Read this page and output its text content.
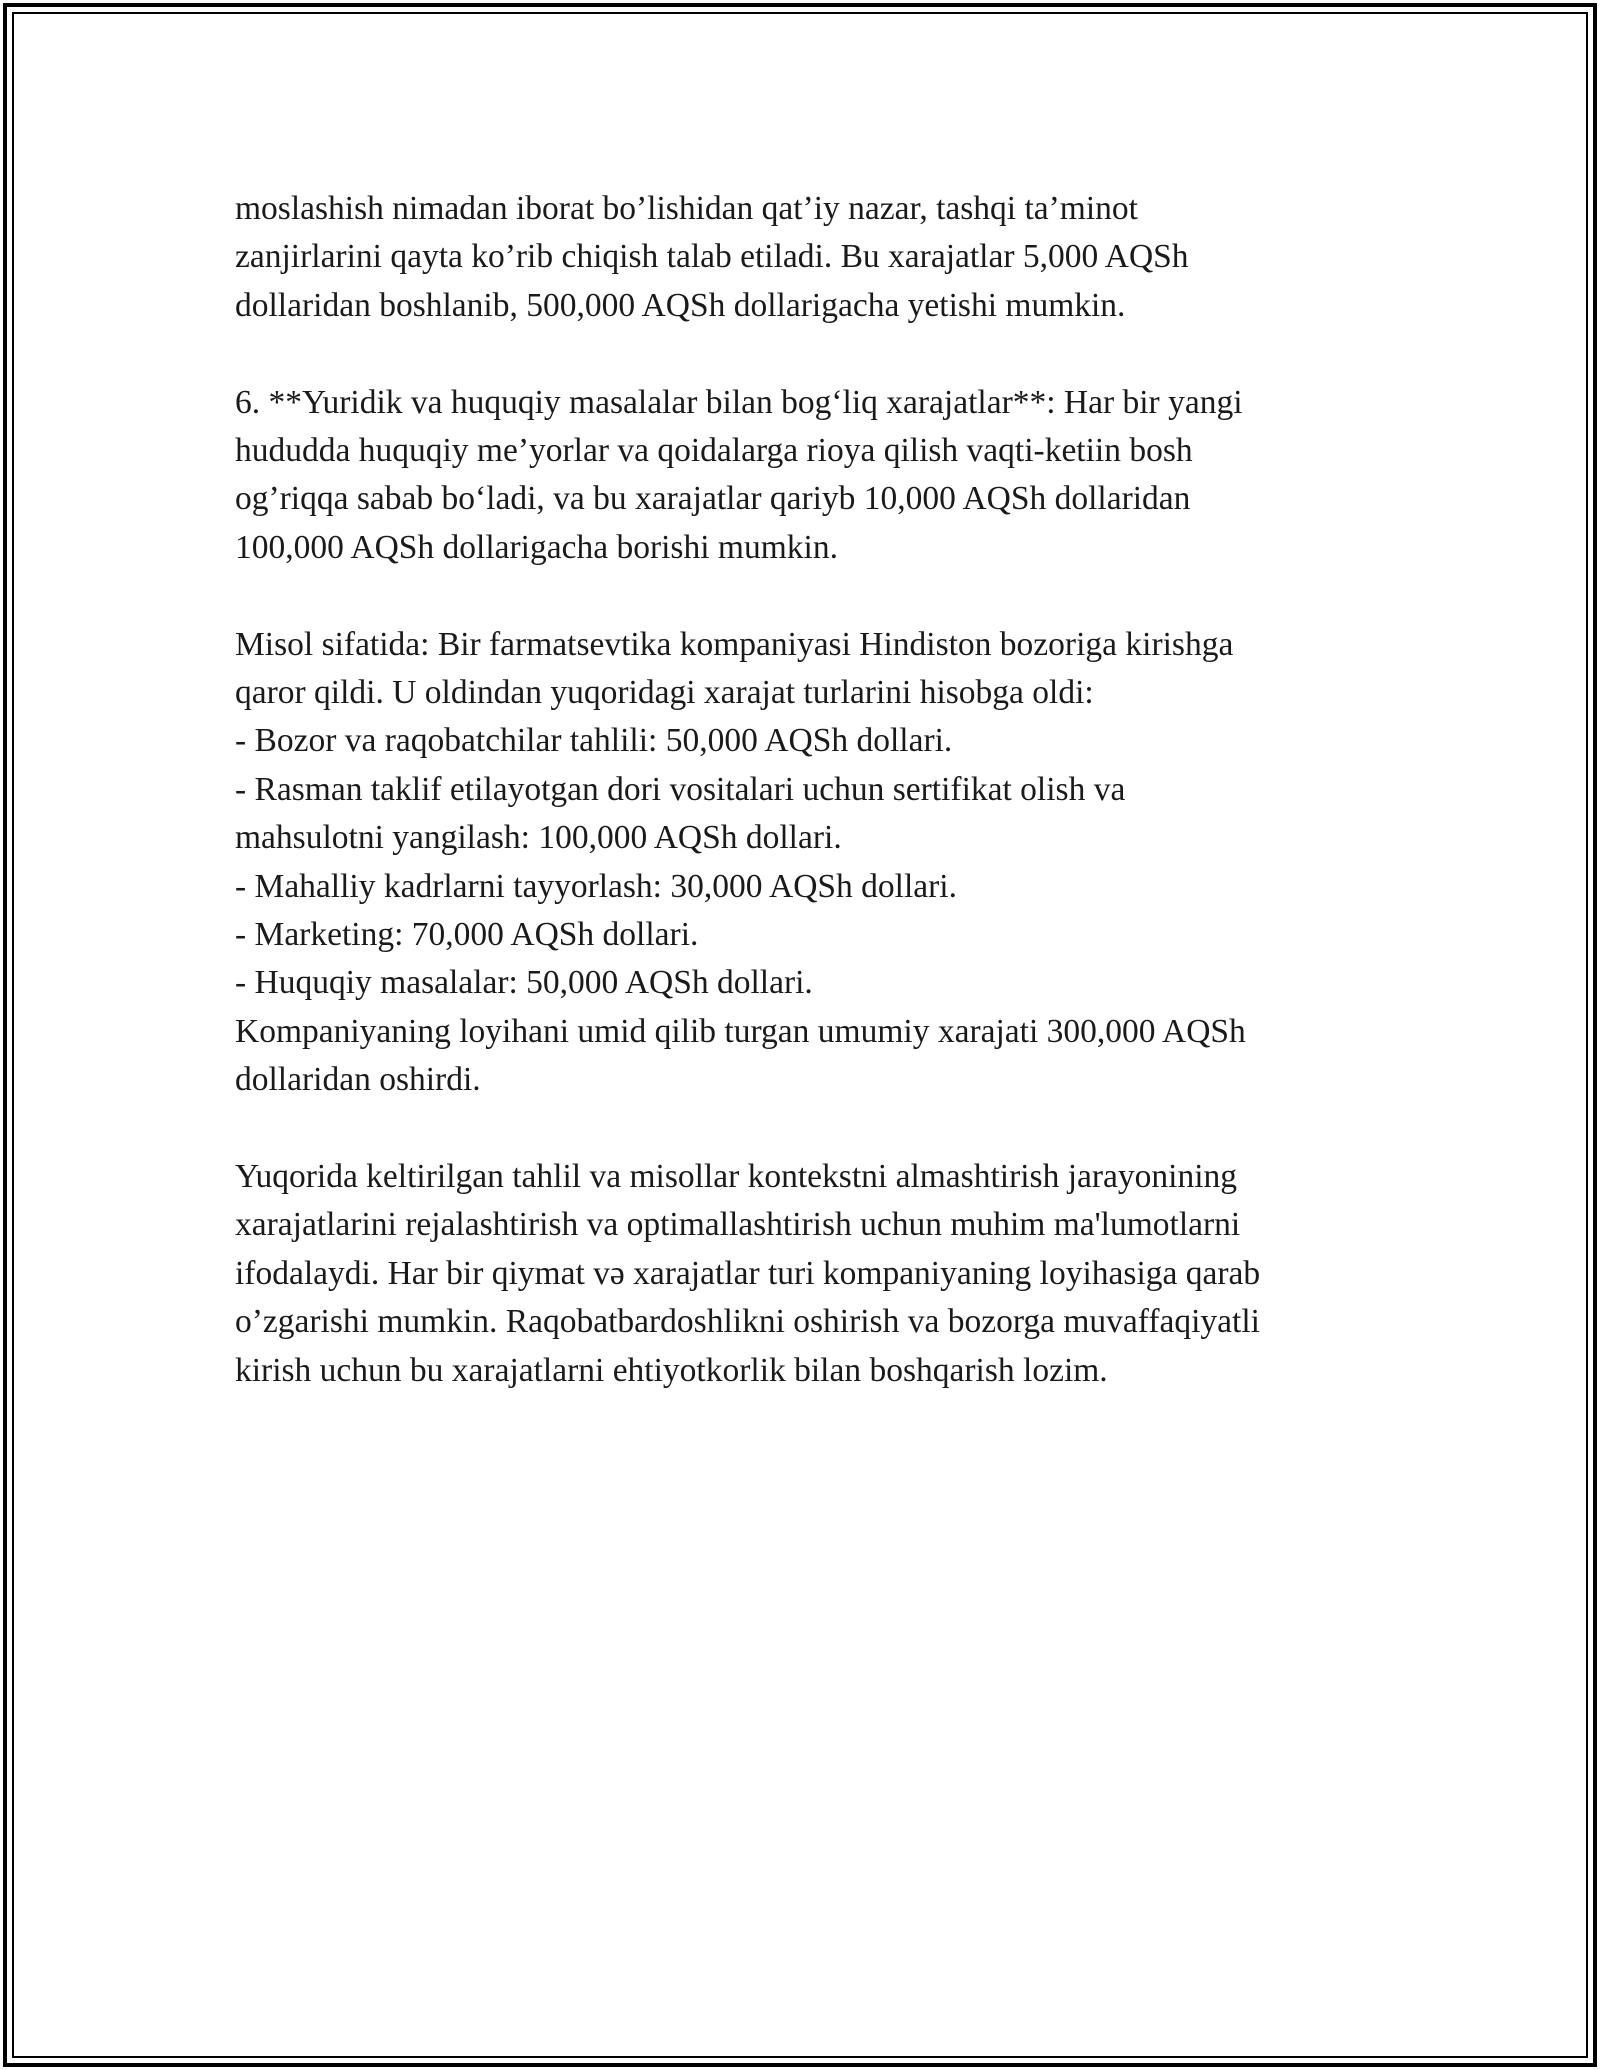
moslashish nimadan iborat bo’lishidan qat’iy nazar, tashqi ta’minot
zanjirlarini qayta ko’rib chiqish talab etiladi. Bu xarajatlar 5,000 AQSh
dollaridan boshlanib, 500,000 AQSh dollarigacha yetishi mumkin.

6. **Yuridik va huquqiy masalalar bilan bog‘liq xarajatlar**: Har bir yangi
hududda huquqiy me’yorlar va qoidalarga rioya qilish vaqti-ketiin bosh
og’riqqa sabab bo‘ladi, va bu xarajatlar qariyb 10,000 AQSh dollaridan
100,000 AQSh dollarigacha borishi mumkin.

Misol sifatida: Bir farmatsevtika kompaniyasi Hindiston bozoriga kirishga
qaror qildi. U oldindan yuqoridagi xarajat turlarini hisobga oldi:
- Bozor va raqobatchilar tahlili: 50,000 AQSh dollari.
- Rasman taklif etilayotgan dori vositalari uchun sertifikat olish va
mahsulotni yangilash: 100,000 AQSh dollari.
- Mahalliy kadrlarni tayyorlash: 30,000 AQSh dollari.
- Marketing: 70,000 AQSh dollari.
- Huquqiy masalalar: 50,000 AQSh dollari.
Kompaniyaning loyihani umid qilib turgan umumiy xarajati 300,000 AQSh
dollaridan oshirdi.

Yuqorida keltirilgan tahlil va misollar kontekstni almashtirish jarayonining
xarajatlarini rejalashtirish va optimallashtirish uchun muhim ma'lumotlarni
ifodalaydi. Har bir qiymat və xarajatlar turi kompaniyaning loyihasiga qarab
o’zgarishi mumkin. Raqobatbardoshlikni oshirish va bozorga muvaffaqiyatli
kirish uchun bu xarajatlarni ehtiyotkorlik bilan boshqarish lozim.
